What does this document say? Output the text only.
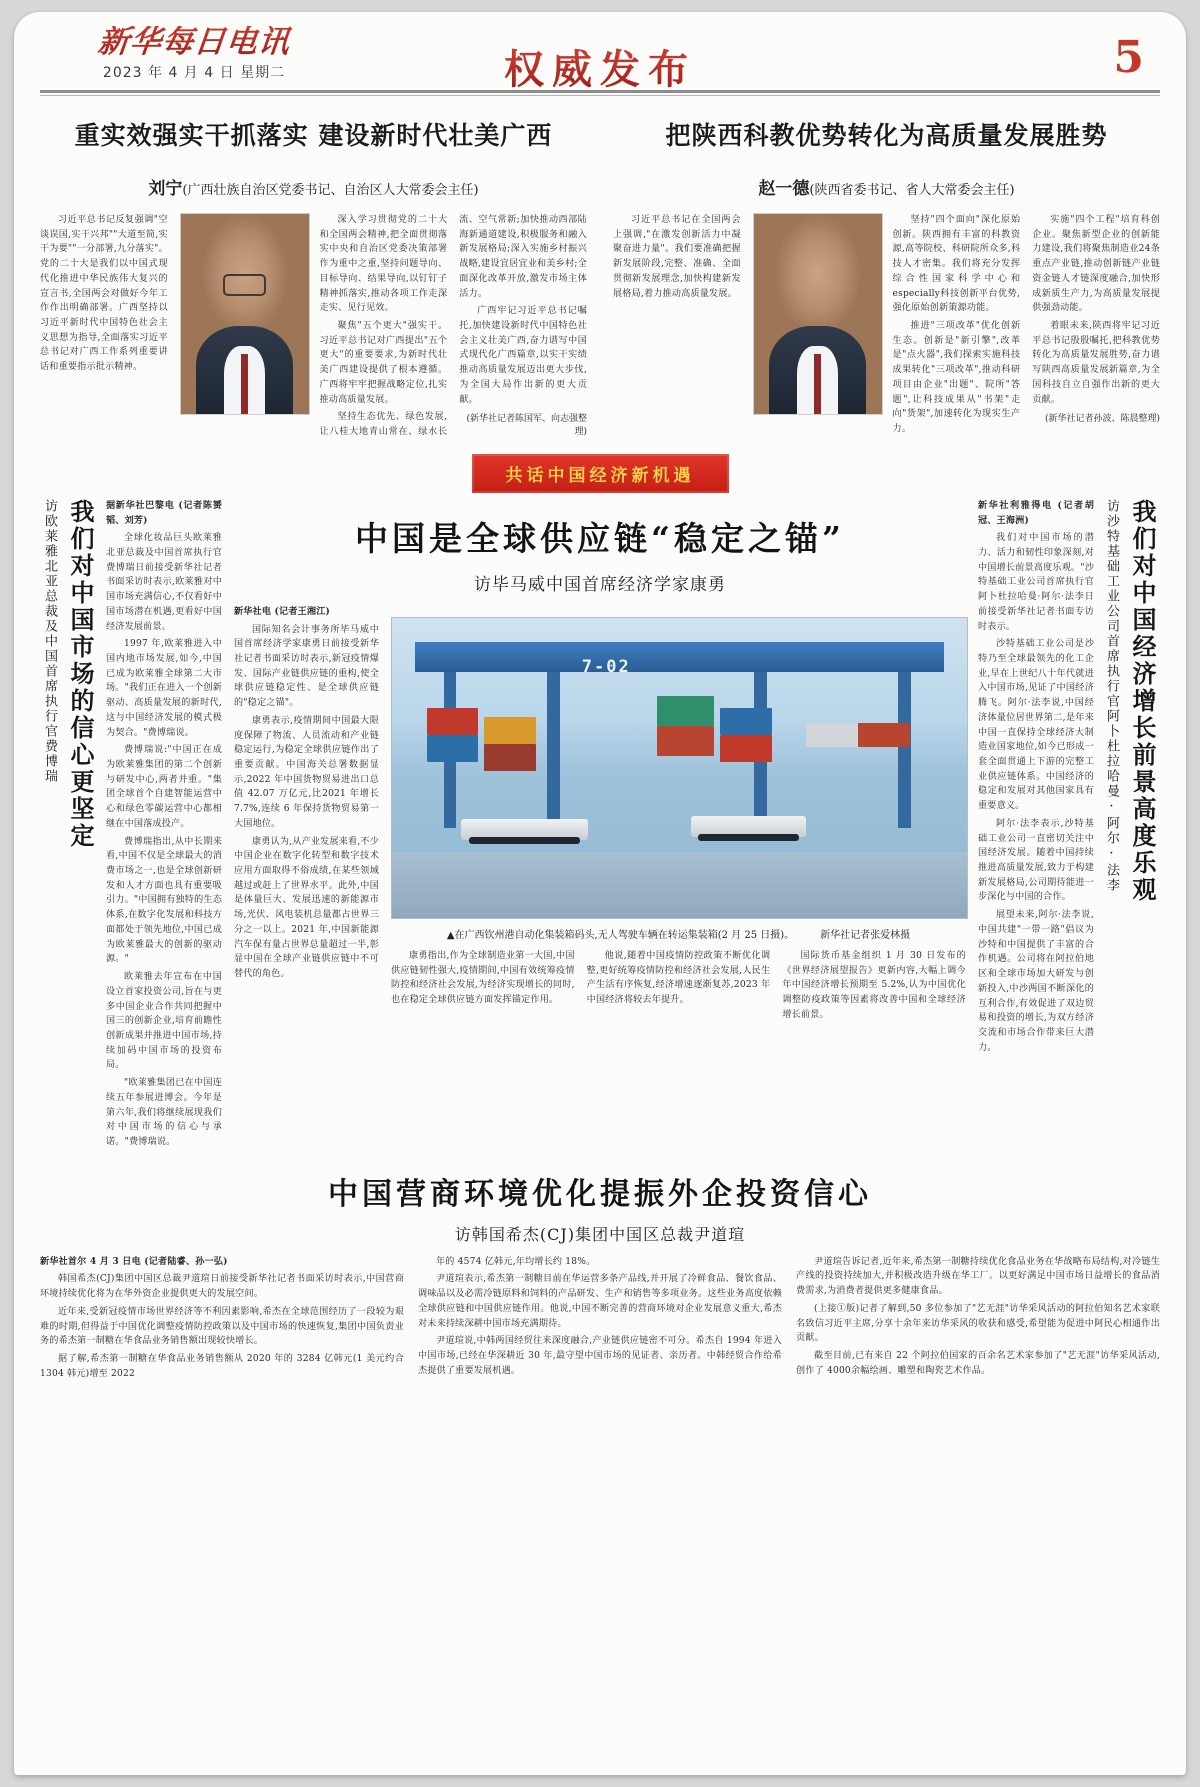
权威发布	5
重实效强实干抓落实 建设新时代壮美广西
刘宁(广西壮族自治区党委书记、自治区人大常委会主任)

习近平总书记反复强调"空谈误国,实干兴邦""大道至简,实干为要""一分部署,九分落实"。党的二十大是我们以中国式现代化推进中华民族伟大复兴的宣言书,全国两会对做好今年工作作出明确部署。广西坚持以习近平新时代中国特色社会主义思想为指导,全面落实习近平总书记对广西工作系列重要讲话和重要指示批示精神。

深入学习贯彻党的二十大和全国两会精神,把全面贯彻落实中央和自治区党委决策部署作为重中之重,坚持问题导向、目标导向、结果导向,以钉钉子精神抓落实,推动各项工作走深走实、见行见效。

聚焦"五个更大"强实干。习近平总书记对广西提出"五个更大"的重要要求,为新时代壮美广西建设提供了根本遵循。广西将牢牢把握战略定位,扎实推动高质量发展。

坚持生态优先、绿色发展,让八桂大地青山常在、绿水长流、空气常新;加快推动西部陆海新通道建设,积极服务和融入新发展格局;深入实施乡村振兴战略,建设宜居宜业和美乡村;全面深化改革开放,激发市场主体活力。

广西牢记习近平总书记嘱托,加快建设新时代中国特色社会主义壮美广西,奋力谱写中国式现代化广西篇章,以实干实绩推动高质量发展迈出更大步伐,为全国大局作出新的更大贡献。

(新华社记者陈国军、向志强整理)

把陕西科教优势转化为高质量发展胜势
赵一德(陕西省委书记、省人大常委会主任)

习近平总书记在全国两会上强调,"在激发创新活力中凝聚奋进力量"。我们要准确把握新发展阶段,完整、准确、全面贯彻新发展理念,加快构建新发展格局,着力推动高质量发展。

坚持"四个面向"深化原始创新。陕西拥有丰富的科教资源,高等院校、科研院所众多,科技人才密集。我们将充分发挥综合性国家科学中心和especially科技创新平台优势,强化原始创新策源功能。

推进"三项改革"优化创新生态。创新是"新引擎",改革是"点火器",我们探索实施科技成果转化"三项改革",推动科研项目由企业"出题"、院所"答题",让科技成果从"书架"走向"货架",加速转化为现实生产力。

实施"四个工程"培育科创企业。聚焦新型企业的创新能力建设,我们将聚焦制造业24条重点产业链,推动创新链产业链资金链人才链深度融合,加快形成新质生产力,为高质量发展提供强劲动能。

着眼未来,陕西将牢记习近平总书记殷殷嘱托,把科教优势转化为高质量发展胜势,奋力谱写陕西高质量发展新篇章,为全国科技自立自强作出新的更大贡献。

(新华社记者孙波、陈晨整理)

共话中国经济新机遇
我们对中国市场的信心更坚定
访欧莱雅北亚总裁及中国首席执行官费博瑞	据新华社巴黎电 (记者陈赟韬、刘芳)

全球化妆品巨头欧莱雅北亚总裁及中国首席执行官费博瑞日前接受新华社记者书面采访时表示,欧莱雅对中国市场充满信心,不仅看好中国市场潜在机遇,更看好中国经济发展前景。

1997 年,欧莱雅进入中国内地市场发展,如今,中国已成为欧莱雅全球第二大市场。"我们正在进入一个创新驱动、高质量发展的新时代,这与中国经济发展的模式极为契合。"费博瑞说。

费博瑞说:"中国正在成为欧莱雅集团的第二个创新与研发中心,两者并重。"集团全球首个自建智能运营中心和绿色零碳运营中心都相继在中国落成投产。

费博瑞指出,从中长期来看,中国不仅是全球最大的消费市场之一,也是全球创新研发和人才方面也具有重要吸引力。"中国拥有独特的生态体系,在数字化发展和科技方面都处于领先地位,中国已成为欧莱雅最大的创新的驱动源。"

欧莱雅去年宣布在中国设立首家投资公司,旨在与更多中国企业合作共同把握中国三的创新企业,培育前瞻性创新成果并推进中国市场,持续加码中国市场的投资布局。

"欧莱雅集团已在中国连续五年参展进博会。今年是第六年,我们将继续展现我们对中国市场的信心与承诺。"费博瑞说。

中国是全球供应链“稳定之锚”
访毕马威中国首席经济学家康勇

新华社电 (记者王湘江)

国际知名会计事务所毕马威中国首席经济学家康勇日前接受新华社记者书面采访时表示,新冠疫情爆发、国际产业链供应链的重构,使全球供应链稳定性、是全球供应链的"稳定之锚"。

康勇表示,疫情期间中国最大限度保障了物流、人员流动和产业链稳定运行,为稳定全球供应链作出了重要贡献。中国海关总署数据显示,2022 年中国货物贸易进出口总值 42.07 万亿元,比2021 年增长 7.7%,连续 6 年保持货物贸易第一大国地位。

康勇认为,从产业发展来看,不少中国企业在数字化转型和数字技术应用方面取得不俗成绩,在某些领域越过或赶上了世界水平。此外,中国是体量巨大、发展迅速的新能源市场,光伏、风电装机总量都占世界三分之一以上。2021 年,中国新能源汽车保有量占世界总量超过一半,彰显中国在全球产业链供应链中不可替代的角色。

7-02
▲在广西钦州港自动化集装箱码头,无人驾驶车辆在转运集装箱(2 月 25 日摄)。	新华社记者张爱林摄

康勇指出,作为全球制造业第一大国,中国供应链韧性强大,疫情期间,中国有效统筹疫情防控和经济社会发展,为经济实现增长的同时,也在稳定全球供应链方面发挥锚定作用。

他说,随着中国疫情防控政策不断优化调整,更好统筹疫情防控和经济社会发展,人民生产生活有序恢复,经济增速逐渐复苏,2023 年中国经济将较去年提升。

国际货币基金组织 1 月 30 日发布的《世界经济展望报告》更新内容,大幅上调今年中国经济增长预期至 5.2%,认为中国优化调整防疫政策等因素将改善中国和全球经济增长前景。

新华社利雅得电 (记者胡冠、王海洲)

我们对中国市场的潜力、活力和韧性印象深刻,对中国增长前景高度乐观。"沙特基础工业公司首席执行官阿卜杜拉哈曼·阿尔·法李日前接受新华社记者书面专访时表示。

沙特基础工业公司是沙特乃至全球最领先的化工企业,早在上世纪八十年代就进入中国市场,见证了中国经济腾飞。阿尔·法李说,中国经济体量位居世界第二,是年来中国一直保持全球经济大制造业国家地位,如今已形成一套全面贯通上下游的完整工业供应链体系。中国经济的稳定和发展对其他国家具有重要意义。

阿尔·法李表示,沙特基础工业公司一直密切关注中国经济发展。随着中国持续推进高质量发展,致力于构建新发展格局,公司期待能进一步深化与中国的合作。

展望未来,阿尔·法李说,中国共建"一带一路"倡议为沙特和中国提供了丰富的合作机遇。公司将在阿拉伯地区和全球市场加大研发与创新投入,中沙两国不断深化的互利合作,有效促进了双边贸易和投资的增长,为双方经济交流和市场合作带来巨大潜力。

我们对中国经济增长前景高度乐观
访沙特基础工业公司首席执行官阿卜杜拉哈曼·阿尔·法李
中国营商环境优化提振外企投资信心
访韩国希杰(CJ)集团中国区总裁尹道瑄

新华社首尔 4 月 3 日电 (记者陆睿、孙一弘)

韩国希杰(CJ)集团中国区总裁尹道瑄日前接受新华社记者书面采访时表示,中国营商环境持续优化将为在华外资企业提供更大的发展空间。

近年来,受新冠疫情市场世界经济等不利因素影响,希杰在全球范围经历了一段较为艰难的时期,但得益于中国优化调整疫情防控政策以及中国市场的快速恢复,集团中国负责业务的希杰第一制糖在华食品业务销售额出现较快增长。

据了解,希杰第一制糖在华食品业务销售额从 2020 年的 3284 亿韩元(1 美元约合 1304 韩元)增至 2022

年的 4574 亿韩元,年均增长约 18%。

尹道瑄表示,希杰第一制糖目前在华运营多条产品线,并开展了冷鲜食品、餐饮食品、调味品以及必需冷链原料和饲料的产品研发、生产和销售等多项业务。这些业务高度依赖全球供应链和中国供应链作用。他说,中国不断完善的营商环境对企业发展意义重大,希杰对未来持续深耕中国市场充满期待。

尹道瑄说,中韩两国经贸往来深度融合,产业链供应链密不可分。希杰自 1994 年进入中国市场,已经在华深耕近 30 年,最守望中国市场的见证者、亲历者。中韩经贸合作给希杰提供了重要发展机遇。

尹道瑄告诉记者,近年来,希杰第一制糖持续优化食品业务在华战略布局结构,对冷链生产线的投资持续加大,并积极改造升级在华工厂。以更好满足中国市场日益增长的食品消费需求,为消费者提供更多健康食品。

(上接①版)记者了解到,50 多位参加了"艺无涯"访华采风活动的阿拉伯知名艺术家联名致信习近平主席,分享十余年来访华采风的收获和感受,希望能为促进中阿民心相通作出贡献。

截至目前,已有来自 22 个阿拉伯国家的百余名艺术家参加了"艺无涯"访华采风活动,创作了 4000余幅绘画、雕塑和陶瓷艺术作品。
